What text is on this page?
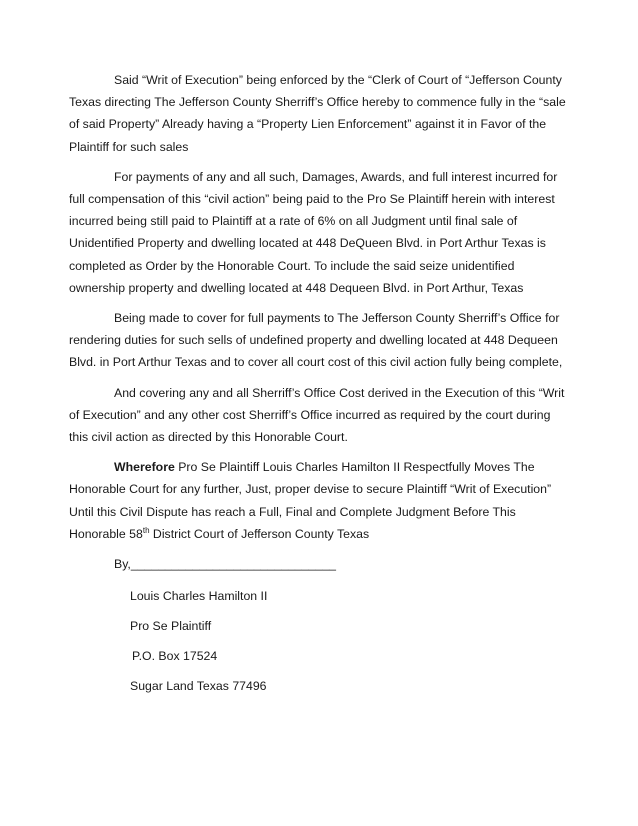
Said “Writ of Execution” being enforced by the “Clerk of Court of “Jefferson County Texas directing The Jefferson County Sherriff’s Office hereby to commence fully in the “sale of said Property” Already having a “Property Lien Enforcement” against it in Favor of the Plaintiff for such sales

For payments of any and all such, Damages, Awards, and full interest incurred for full compensation of this “civil action” being paid to the Pro Se Plaintiff herein with interest incurred being still paid to Plaintiff at a rate of 6% on all Judgment until final sale of Unidentified Property and dwelling located at 448 DeQueen Blvd. in Port Arthur Texas is completed as Order by the Honorable Court. To include the said seize unidentified ownership property and dwelling located at 448 Dequeen Blvd. in Port Arthur, Texas

Being made to cover for full payments to The Jefferson County Sherriff’s Office for rendering duties for such sells of undefined property and dwelling located at 448 Dequeen Blvd. in Port Arthur Texas and to cover all court cost of this civil action fully being complete,

And covering any and all Sherriff’s Office Cost derived in the Execution of this “Writ of Execution” and any other cost Sherriff’s Office incurred as required by the court during this civil action as directed by this Honorable Court.

Wherefore Pro Se Plaintiff Louis Charles Hamilton II Respectfully Moves The Honorable Court for any further, Just, proper devise to secure Plaintiff “Writ of Execution” Until this Civil Dispute has reach a Full, Final and Complete Judgment Before This Honorable 58th District Court of Jefferson County Texas

By,______________________________
Louis Charles Hamilton II
Pro Se Plaintiff
P.O. Box 17524
Sugar Land Texas 77496
